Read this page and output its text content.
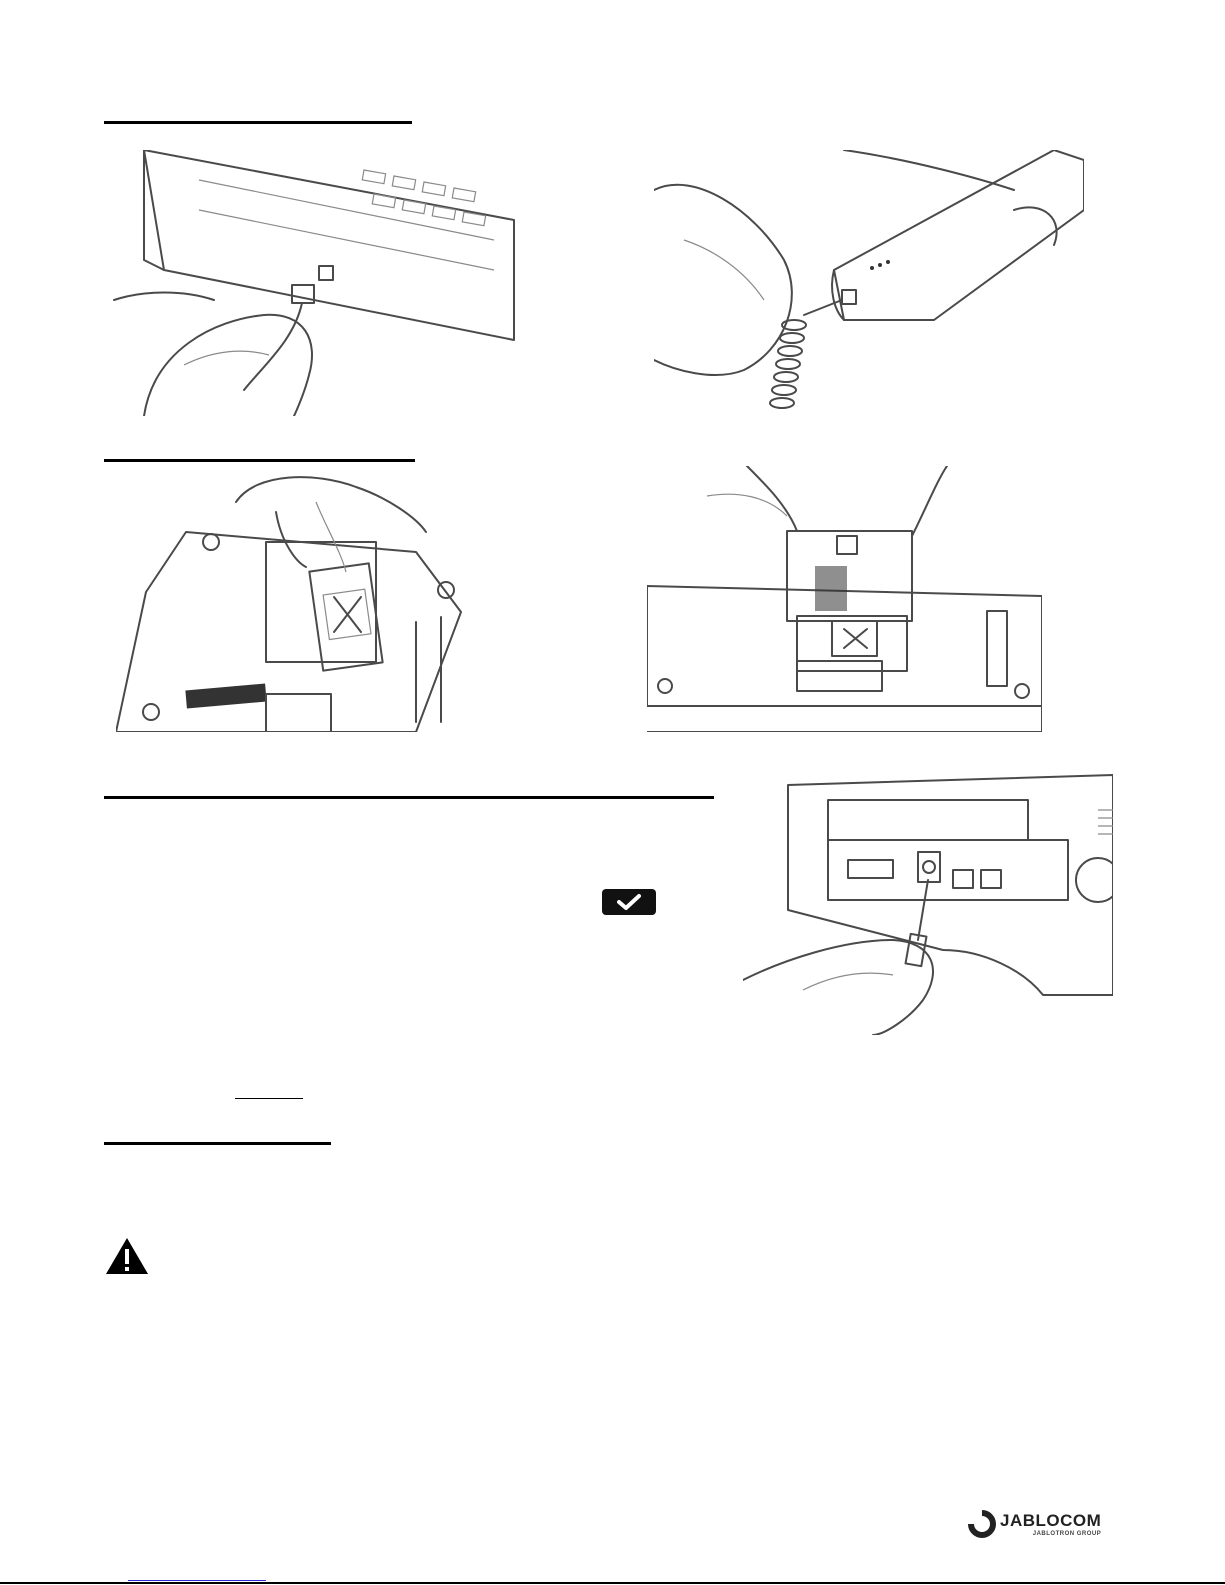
JABLOCOM
JABLOTRON GROUP
